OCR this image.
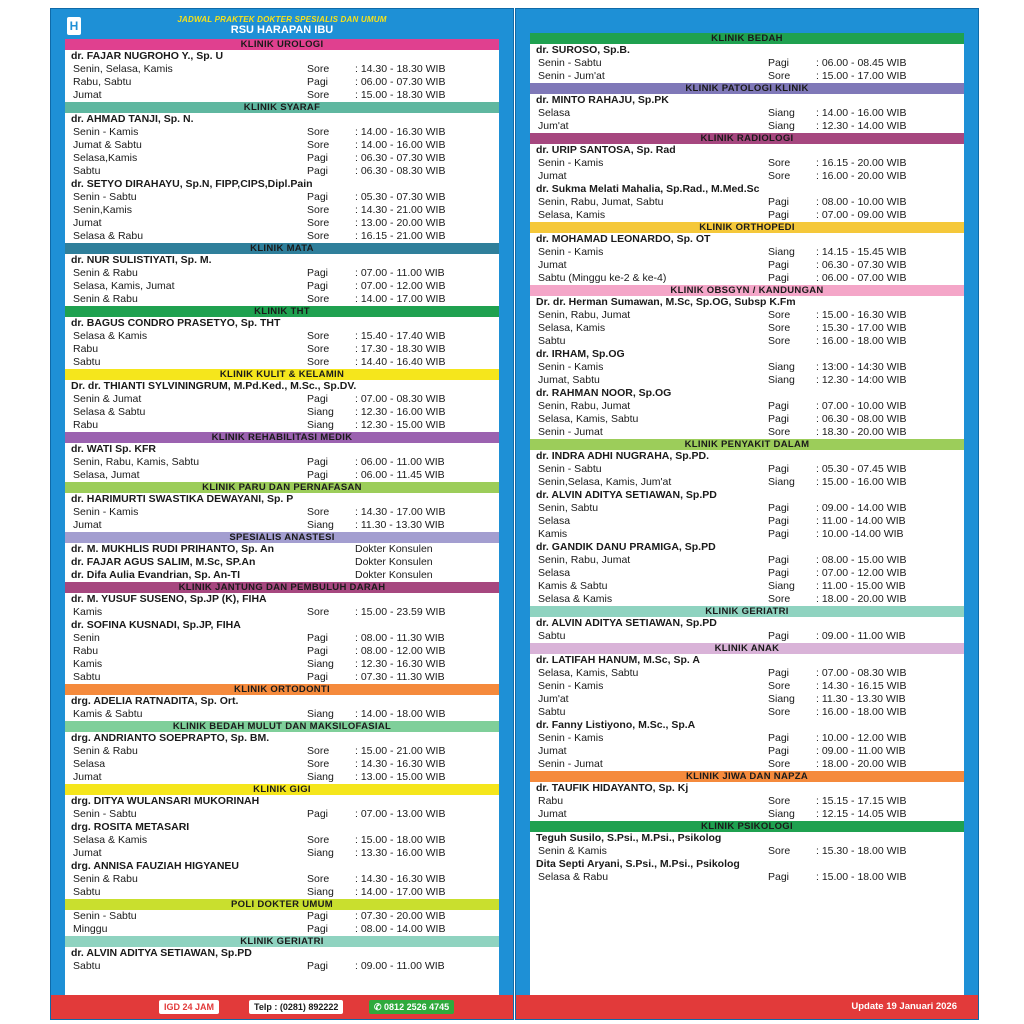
H	JADWAL PRAKTEK DOKTER SPESIALIS DAN UMUM
RSU HARAPAN IBU
KLINIK UROLOGI
dr. FAJAR NUGROHO Y., Sp. U
Senin, Selasa, Kamis	Sore : 14.30 - 18.30 WIB
Rabu, Sabtu	Pagi	: 06.00 - 07.30 WIB
Jumat	Sore : 15.00 - 18.30 WIB
KLINIK SYARAF
dr. AHMAD TANJI, Sp. N.
Senin - Kamis	Sore : 14.00 - 16.30 WIB
Jumat & Sabtu	Sore : 14.00 - 16.00 WIB
Selasa,Kamis	Pagi	: 06.30 - 07.30 WIB
Sabtu	Pagi	: 06.30 - 08.30 WIB
dr. SETYO DIRAHAYU, Sp.N, FIPP,CIPS,Dipl.Pain
Senin - Sabtu	Pagi	: 05.30 - 07.30 WIB
Senin,Kamis	Sore : 14.30 - 21.00 WIB
Jumat	Sore : 13.00 - 20.00 WIB
Selasa & Rabu	Sore : 16.15 - 21.00 WIB
KLINIK MATA
dr. NUR SULISTIYATI, Sp. M.
Senin & Rabu	Pagi	: 07.00 - 11.00 WIB
Selasa, Kamis, Jumat	Pagi	: 07.00 - 12.00 WIB
Senin & Rabu	Sore : 14.00 - 17.00 WIB
KLINIK THT
dr. BAGUS CONDRO PRASETYO, Sp. THT
Selasa & Kamis	Sore : 15.40 - 17.40 WIB
Rabu	Sore : 17.30 - 18.30 WIB
Sabtu	Sore : 14.40 - 16.40 WIB
KLINIK KULIT & KELAMIN
Dr. dr. THIANTI SYLVININGRUM, M.Pd.Ked., M.Sc., Sp.DV.
Senin & Jumat	Pagi	: 07.00 - 08.30 WIB
Selasa & Sabtu	Siang : 12.30 - 16.00 WIB
Rabu	Siang : 12.30 - 15.00 WIB
KLINIK REHABILITASI MEDIK
dr. WATI Sp. KFR
Senin, Rabu, Kamis, Sabtu	Pagi	: 06.00 - 11.00 WIB
Selasa, Jumat	Pagi	: 06.00 - 11.45 WIB
KLINIK PARU DAN PERNAFASAN
dr. HARIMURTI SWASTIKA DEWAYANI, Sp. P
Senin - Kamis	Sore : 14.30 - 17.00 WIB
Jumat	Siang : 11.30 - 13.30 WIB
SPESIALIS ANASTESI
dr. M. MUKHLIS RUDI PRIHANTO, Sp. An	Dokter Konsulen
dr. FAJAR AGUS SALIM, M.Sc, SP.An	Dokter Konsulen
dr. Difa Aulia Evandrian, Sp. An-TI	Dokter Konsulen
KLINIK JANTUNG DAN PEMBULUH DARAH
dr. M. YUSUF SUSENO, Sp.JP (K), FIHA
Kamis	Sore : 15.00 - 23.59 WIB
dr. SOFINA KUSNADI, Sp.JP, FIHA
Senin	Pagi	: 08.00 - 11.30 WIB
Rabu	Pagi	: 08.00 - 12.00 WIB
Kamis	Siang : 12.30 - 16.30 WIB
Sabtu	Pagi	: 07.30 - 11.30 WIB
KLINIK ORTODONTI
drg. ADELIA RATNADITA, Sp. Ort.
Kamis & Sabtu	Siang : 14.00 - 18.00 WIB
KLINIK BEDAH MULUT DAN MAKSILOFASIAL
drg. ANDRIANTO SOEPRAPTO, Sp. BM.
Senin & Rabu	Sore : 15.00 - 21.00 WIB
Selasa	Sore : 14.30 - 16.30 WIB
Jumat	Siang : 13.00 - 15.00 WIB
KLINIK GIGI
drg. DITYA WULANSARI MUKORINAH
Senin - Sabtu	Pagi	: 07.00 - 13.00 WIB
drg. ROSITA METASARI
Selasa & Kamis	Sore : 15.00 - 18.00 WIB
Jumat	Siang : 13.30 - 16.00 WIB
drg. ANNISA FAUZIAH HIGYANEU
Senin & Rabu	Sore : 14.30 - 16.30 WIB
Sabtu	Siang : 14.00 - 17.00 WIB
POLI DOKTER UMUM
Senin - Sabtu	Pagi	: 07.30 - 20.00 WIB
Minggu	Pagi	: 08.00 - 14.00 WIB
KLINIK GERIATRI
dr. ALVIN ADITYA SETIAWAN, Sp.PD
Sabtu	Pagi	: 09.00 - 11.00 WIB
IGD 24 JAM	Telp : (0281) 892222	✆ 0812 2526 4745
KLINIK BEDAH
dr. SUROSO, Sp.B.
Senin - Sabtu	Pagi	: 06.00 - 08.45 WIB
Senin - Jum'at	Sore : 15.00 - 17.00 WIB
KLINIK PATOLOGI KLINIK
dr. MINTO RAHAJU, Sp.PK
Selasa	Siang : 14.00 - 16.00 WIB
Jum'at	Siang : 12.30 - 14.00 WIB
KLINIK RADIOLOGI
dr. URIP SANTOSA, Sp. Rad
Senin - Kamis	Sore : 16.15 - 20.00 WIB
Jumat	Sore : 16.00 - 20.00 WIB
dr. Sukma Melati Mahalia, Sp.Rad., M.Med.Sc
Senin, Rabu, Jumat, Sabtu	Pagi	: 08.00 - 10.00 WIB
Selasa, Kamis	Pagi	: 07.00 - 09.00 WIB
KLINIK ORTHOPEDI
dr. MOHAMAD LEONARDO, Sp. OT
Senin - Kamis	Siang : 14.15 - 15.45 WIB
Jumat	Pagi	: 06.30 - 07.30 WIB
Sabtu (Minggu ke-2 & ke-4)	Pagi	: 06.00 - 07.00 WIB
KLINIK OBSGYN / KANDUNGAN
Dr. dr. Herman Sumawan, M.Sc, Sp.OG, Subsp K.Fm
Senin, Rabu, Jumat	Sore : 15.00 - 16.30 WIB
Selasa, Kamis	Sore : 15.30 - 17.00 WIB
Sabtu	Sore : 16.00 - 18.00 WIB
dr. IRHAM, Sp.OG
Senin - Kamis	Siang : 13:00 - 14:30 WIB
Jumat, Sabtu	Siang : 12.30 - 14:00 WIB
dr. RAHMAN NOOR, Sp.OG
Senin, Rabu, Jumat	Pagi	: 07.00 - 10.00 WIB
Selasa, Kamis, Sabtu	Pagi	: 06.30 - 08.00 WIB
Senin - Jumat	Sore : 18.30 - 20.00 WIB
KLINIK PENYAKIT DALAM
dr. INDRA ADHI NUGRAHA, Sp.PD.
Senin - Sabtu	Pagi	: 05.30 - 07.45 WIB
Senin,Selasa, Kamis, Jum'at	Siang : 15.00 - 16.00 WIB
dr. ALVIN ADITYA SETIAWAN, Sp.PD
Senin, Sabtu	Pagi	: 09.00 - 14.00 WIB
Selasa	Pagi	: 11.00 - 14.00 WIB
Kamis	Pagi	: 10.00 -14.00 WIB
dr. GANDIK DANU PRAMIGA, Sp.PD
Senin, Rabu, Jumat	Pagi	: 08.00 - 15.00 WIB
Selasa	Pagi	: 07.00 - 12.00 WIB
Kamis & Sabtu	Siang : 11.00 - 15.00 WIB
Selasa & Kamis	Sore : 18.00 - 20.00 WIB
KLINIK GERIATRI
dr. ALVIN ADITYA SETIAWAN, Sp.PD
Sabtu	Pagi	: 09.00 - 11.00 WIB
KLINIK ANAK
dr. LATIFAH HANUM, M.Sc, Sp. A
Selasa, Kamis, Sabtu	Pagi	: 07.00 - 08.30 WIB
Senin - Kamis	Sore : 14.30 - 16.15 WIB
Jum'at	Siang : 11.30 - 13.30 WIB
Sabtu	Sore : 16.00 - 18.00 WIB
dr. Fanny Listiyono, M.Sc., Sp.A
Senin - Kamis	Pagi	: 10.00 - 12.00 WIB
Jumat	Pagi	: 09.00 - 11.00 WIB
Senin - Jumat	Sore : 18.00 - 20.00 WIB
KLINIK JIWA DAN NAPZA
dr. TAUFIK HIDAYANTO, Sp. Kj
Rabu	Sore : 15.15 - 17.15 WIB
Jumat	Siang : 12.15 - 14.05 WIB
KLINIK PSIKOLOGI
Teguh Susilo, S.Psi., M.Psi., Psikolog
Senin & Kamis	Sore : 15.30 - 18.00 WIB
Dita Septi Aryani, S.Psi., M.Psi., Psikolog
Selasa & Rabu	Pagi	: 15.00 - 18.00 WIB
Update 19 Januari 2026
